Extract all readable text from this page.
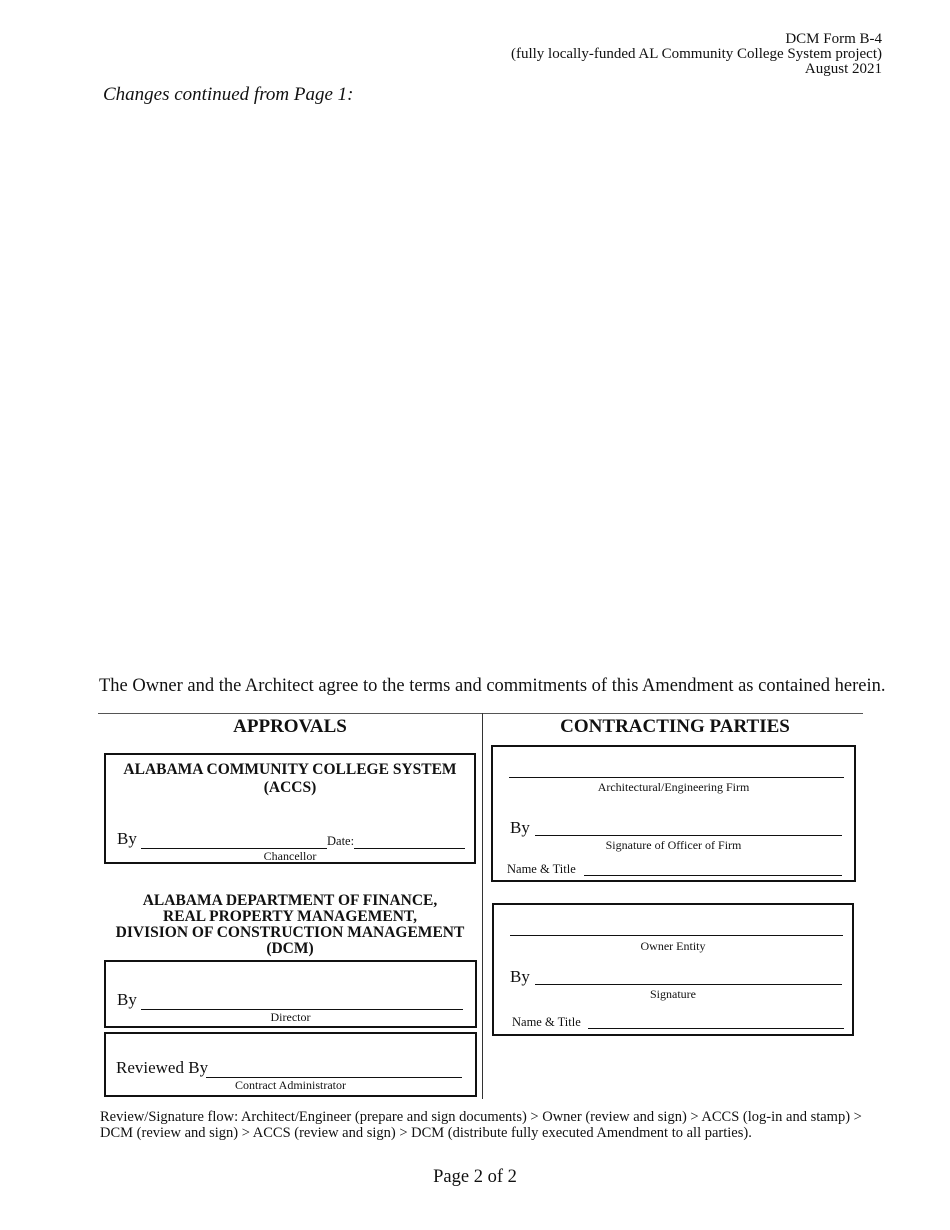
DCM Form B-4
(fully locally-funded AL Community College System project)
August 2021
Changes continued from Page 1:
The Owner and the Architect agree to the terms and commitments of this Amendment as contained herein.
APPROVALS
ALABAMA COMMUNITY COLLEGE SYSTEM
(ACCS)
By	Date:
Chancellor
ALABAMA DEPARTMENT OF FINANCE,
REAL PROPERTY MANAGEMENT,
DIVISION OF CONSTRUCTION MANAGEMENT
(DCM)
By
Director
Reviewed By
Contract Administrator
CONTRACTING PARTIES
Architectural/Engineering Firm
By
Signature of Officer of Firm
Name & Title
Owner Entity
By
Signature
Name & Title
Review/Signature flow: Architect/Engineer (prepare and sign documents) > Owner (review and sign) > ACCS (log-in and stamp) > DCM (review and sign) > ACCS (review and sign) > DCM (distribute fully executed Amendment to all parties).
Page 2 of 2
